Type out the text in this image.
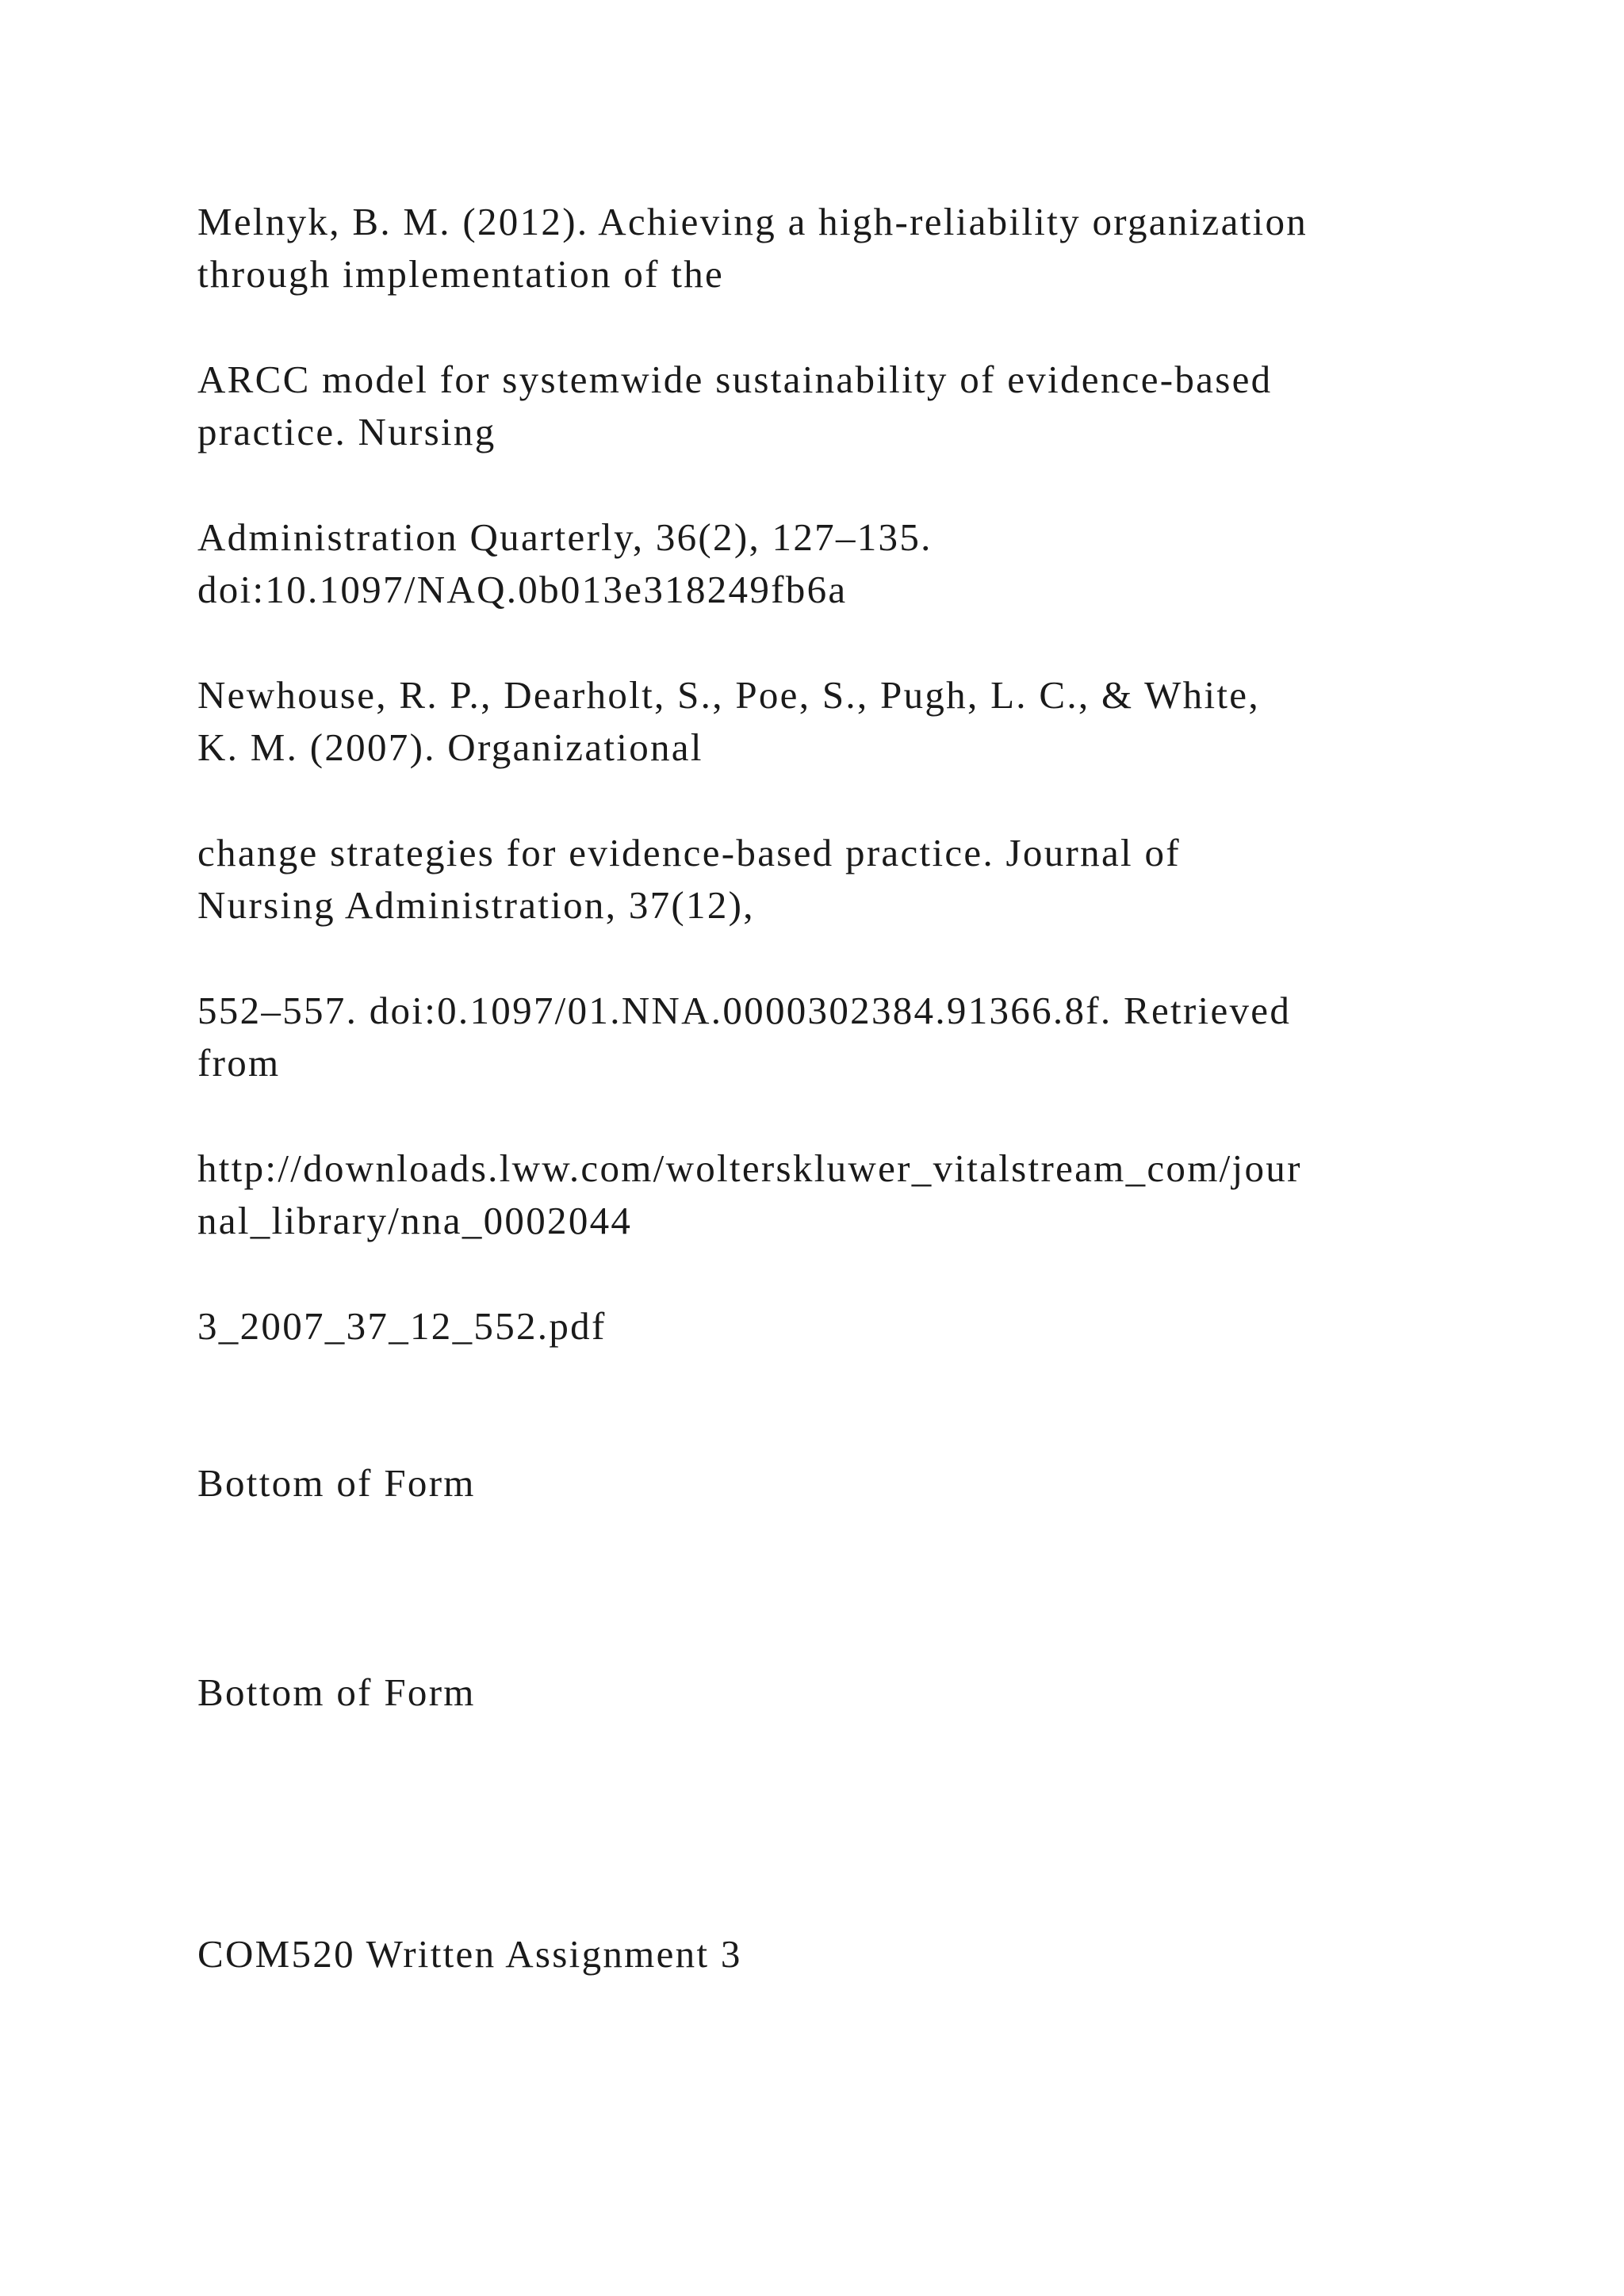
Melnyk, B. M. (2012). Achieving a high-reliability organization
through implementation of the
ARCC model for systemwide sustainability of evidence-based
practice. Nursing
Administration Quarterly, 36(2), 127–135.
doi:10.1097/NAQ.0b013e318249fb6a
Newhouse, R. P., Dearholt, S., Poe, S., Pugh, L. C., & White,
K. M. (2007). Organizational
change strategies for evidence-based practice. Journal of
Nursing Administration, 37(12),
552–557. doi:0.1097/01.NNA.0000302384.91366.8f. Retrieved
from
http://downloads.lww.com/wolterskluwer_vitalstream_com/jour
nal_library/nna_0002044
3_2007_37_12_552.pdf
Bottom of Form
Bottom of Form
COM520 Written Assignment 3
